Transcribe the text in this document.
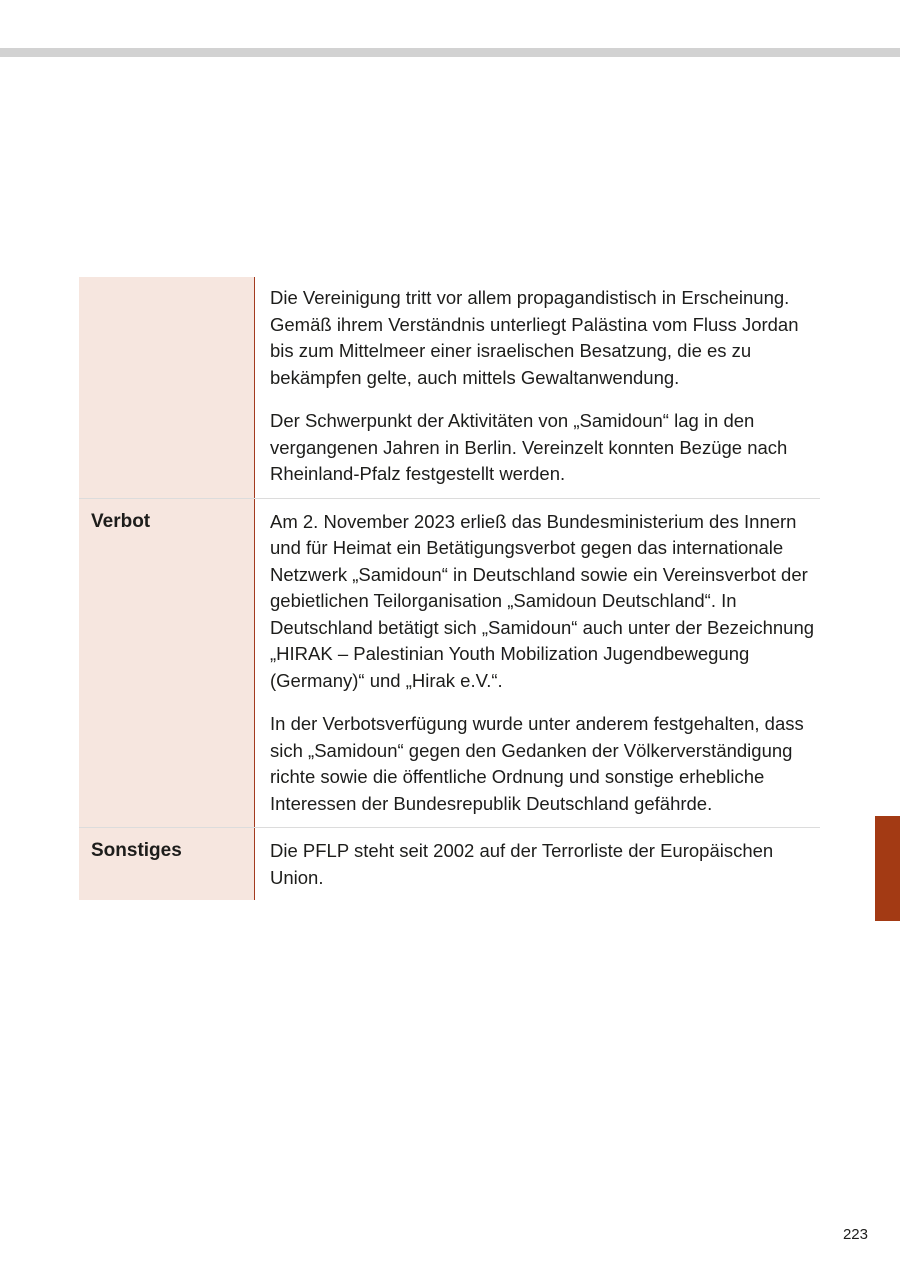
Die Vereinigung tritt vor allem propagandistisch in Erscheinung. Gemäß ihrem Verständnis unterliegt Palästina vom Fluss Jordan bis zum Mittelmeer einer israelischen Besatzung, die es zu bekämpfen gelte, auch mittels Gewaltanwendung.

Der Schwerpunkt der Aktivitäten von „Samidoun“ lag in den vergangenen Jahren in Berlin. Vereinzelt konnten Bezüge nach Rheinland-Pfalz festgestellt werden.

Verbot	Am 2. November 2023 erließ das Bundesministerium des Innern und für Heimat ein Betätigungsverbot gegen das internationale Netzwerk „Samidoun“ in Deutschland sowie ein Vereinsverbot der gebietlichen Teilorganisation „Samidoun Deutschland“. In Deutschland betätigt sich „Samidoun“ auch unter der Bezeichnung „HIRAK – Palestinian Youth Mobilization Jugendbewegung (Germany)“ und „Hirak e.V.“.

In der Verbotsverfügung wurde unter anderem festgehalten, dass sich „Samidoun“ gegen den Gedanken der Völkerverständigung richte sowie die öffentliche Ordnung und sonstige erhebliche Interessen der Bundesrepublik Deutschland gefährde.

Sonstiges	Die PFLP steht seit 2002 auf der Terrorliste der Europäischen Union.

223
